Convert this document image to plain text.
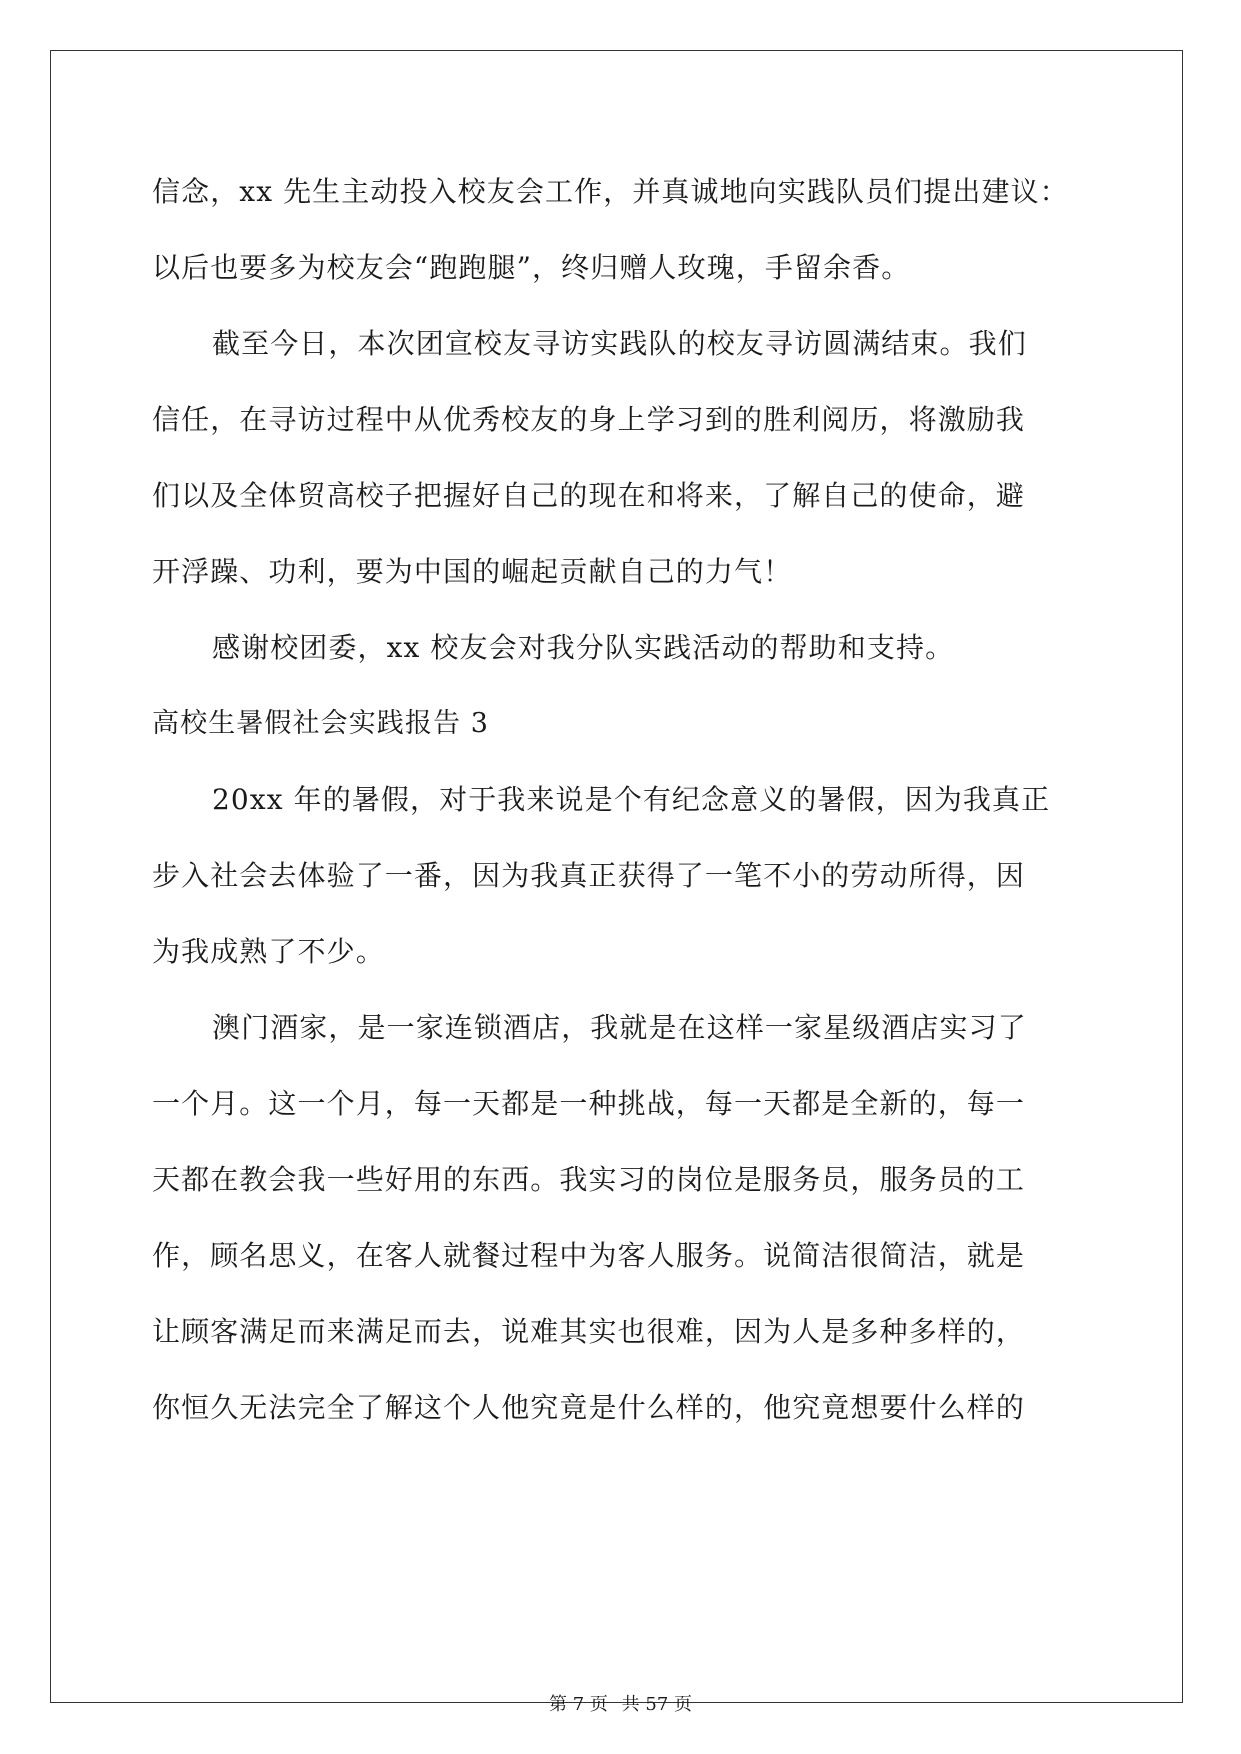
信念，xx 先生主动投入校友会工作，并真诚地向实践队员们提出建议：
以后也要多为校友会“跑跑腿”，终归赠人玫瑰，手留余香。
截至今日，本次团宣校友寻访实践队的校友寻访圆满结束。我们
信任，在寻访过程中从优秀校友的身上学习到的胜利阅历，将激励我
们以及全体贸高校子把握好自己的现在和将来，了解自己的使命，避
开浮躁、功利，要为中国的崛起贡献自己的力气！
感谢校团委，xx 校友会对我分队实践活动的帮助和支持。
高校生暑假社会实践报告 3
20xx 年的暑假，对于我来说是个有纪念意义的暑假，因为我真正
步入社会去体验了一番，因为我真正获得了一笔不小的劳动所得，因
为我成熟了不少。
澳门酒家，是一家连锁酒店，我就是在这样一家星级酒店实习了
一个月。这一个月，每一天都是一种挑战，每一天都是全新的，每一
天都在教会我一些好用的东西。我实习的岗位是服务员，服务员的工
作，顾名思义，在客人就餐过程中为客人服务。说简洁很简洁，就是
让顾客满足而来满足而去，说难其实也很难，因为人是多种多样的，
你恒久无法完全了解这个人他究竟是什么样的，他究竟想要什么样的
第 7 页 共 57 页
